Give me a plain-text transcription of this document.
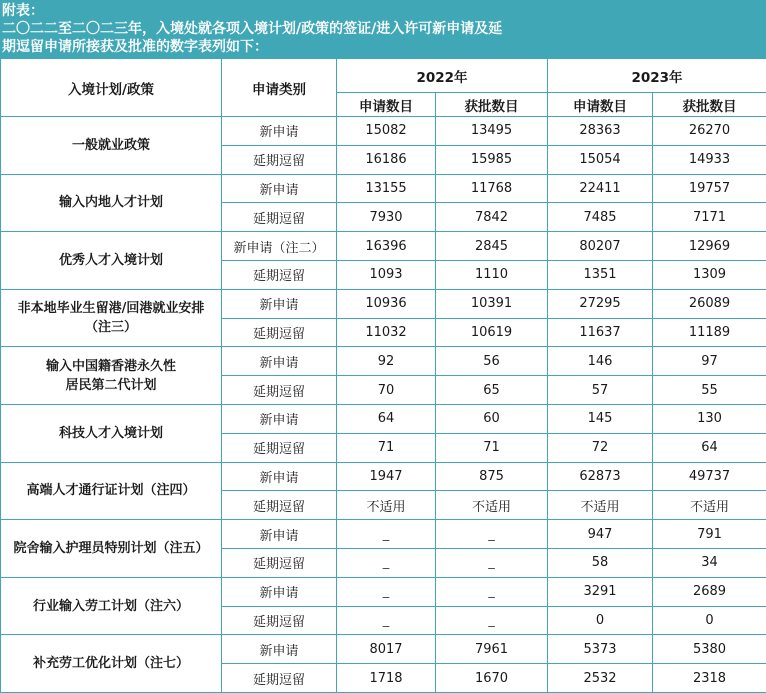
附表：
二〇二二至二〇二三年，入境处就各项入境计划/政策的签证/进入许可新申请及延
期逗留申请所接获及批准的数字表列如下：
入境计划/政策	申请类别	2022年		2023年	
		申请数目	获批数目	申请数目	获批数目

一般就业政策	新申请	15082	13495	28363	26270
	延期逗留	16186	15985	15054	14933

输入内地人才计划	新申请	13155	11768	22411	19757
	延期逗留	7930	7842	7485	7171

优秀人才入境计划	新申请（注二）	16396	2845	80207	12969
	延期逗留	1093	1110	1351	1309

非本地毕业生留港/回港就业安排
（注三）	新申请	10936	10391	27295	26089
	延期逗留	11032	10619	11637	11189

输入中国籍香港永久性
居民第二代计划	新申请	92	56	146	97
	延期逗留	70	65	57	55

科技人才入境计划	新申请	64	60	145	130
	延期逗留	71	71	72	64

高端人才通行证计划（注四）	新申请	1947	875	62873	49737
	延期逗留	不适用	不适用	不适用	不适用

院舍输入护理员特别计划（注五）	新申请	_	_	947	791
	延期逗留	_	_	58	34

行业输入劳工计划（注六）	新申请	_	_	3291	2689
	延期逗留	_	_	0	0

补充劳工优化计划（注七）	新申请	8017	7961	5373	5380
	延期逗留	1718	1670	2532	2318
